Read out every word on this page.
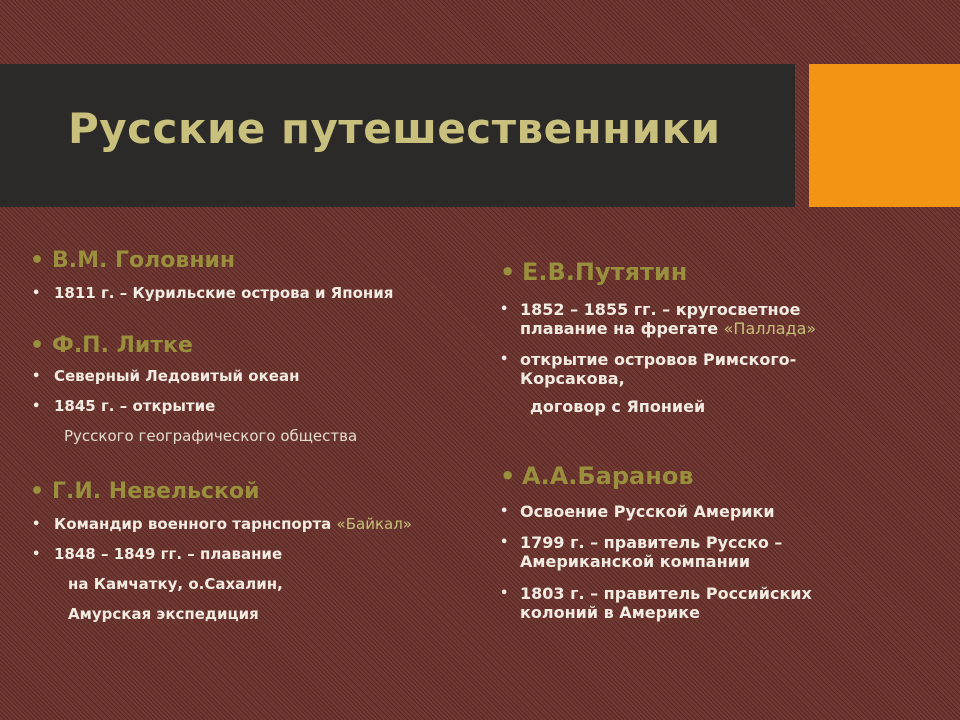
Русские путешественники
• В.М. Головнин
• 1811 г. – Курильские острова и Япония
• Ф.П. Литке
• Северный Ледовитый океан
• 1845 г. – открытие
Русского географического общества
• Г.И. Невельской
• Командир военного тарнспорта «Байкал»
• 1848 – 1849 гг. – плавание
на Камчатку, о.Сахалин,
Амурская экспедиция
• Е.В.Путятин
• 1852 – 1855 гг. – кругосветное плавание на фрегате «Паллада»
• открытие островов Римского-Корсакова,
договор с Японией
• А.А.Баранов
• Освоение Русской Америки
• 1799 г. – правитель Русско – Американской компании
• 1803 г. – правитель Российских колоний в Америке
